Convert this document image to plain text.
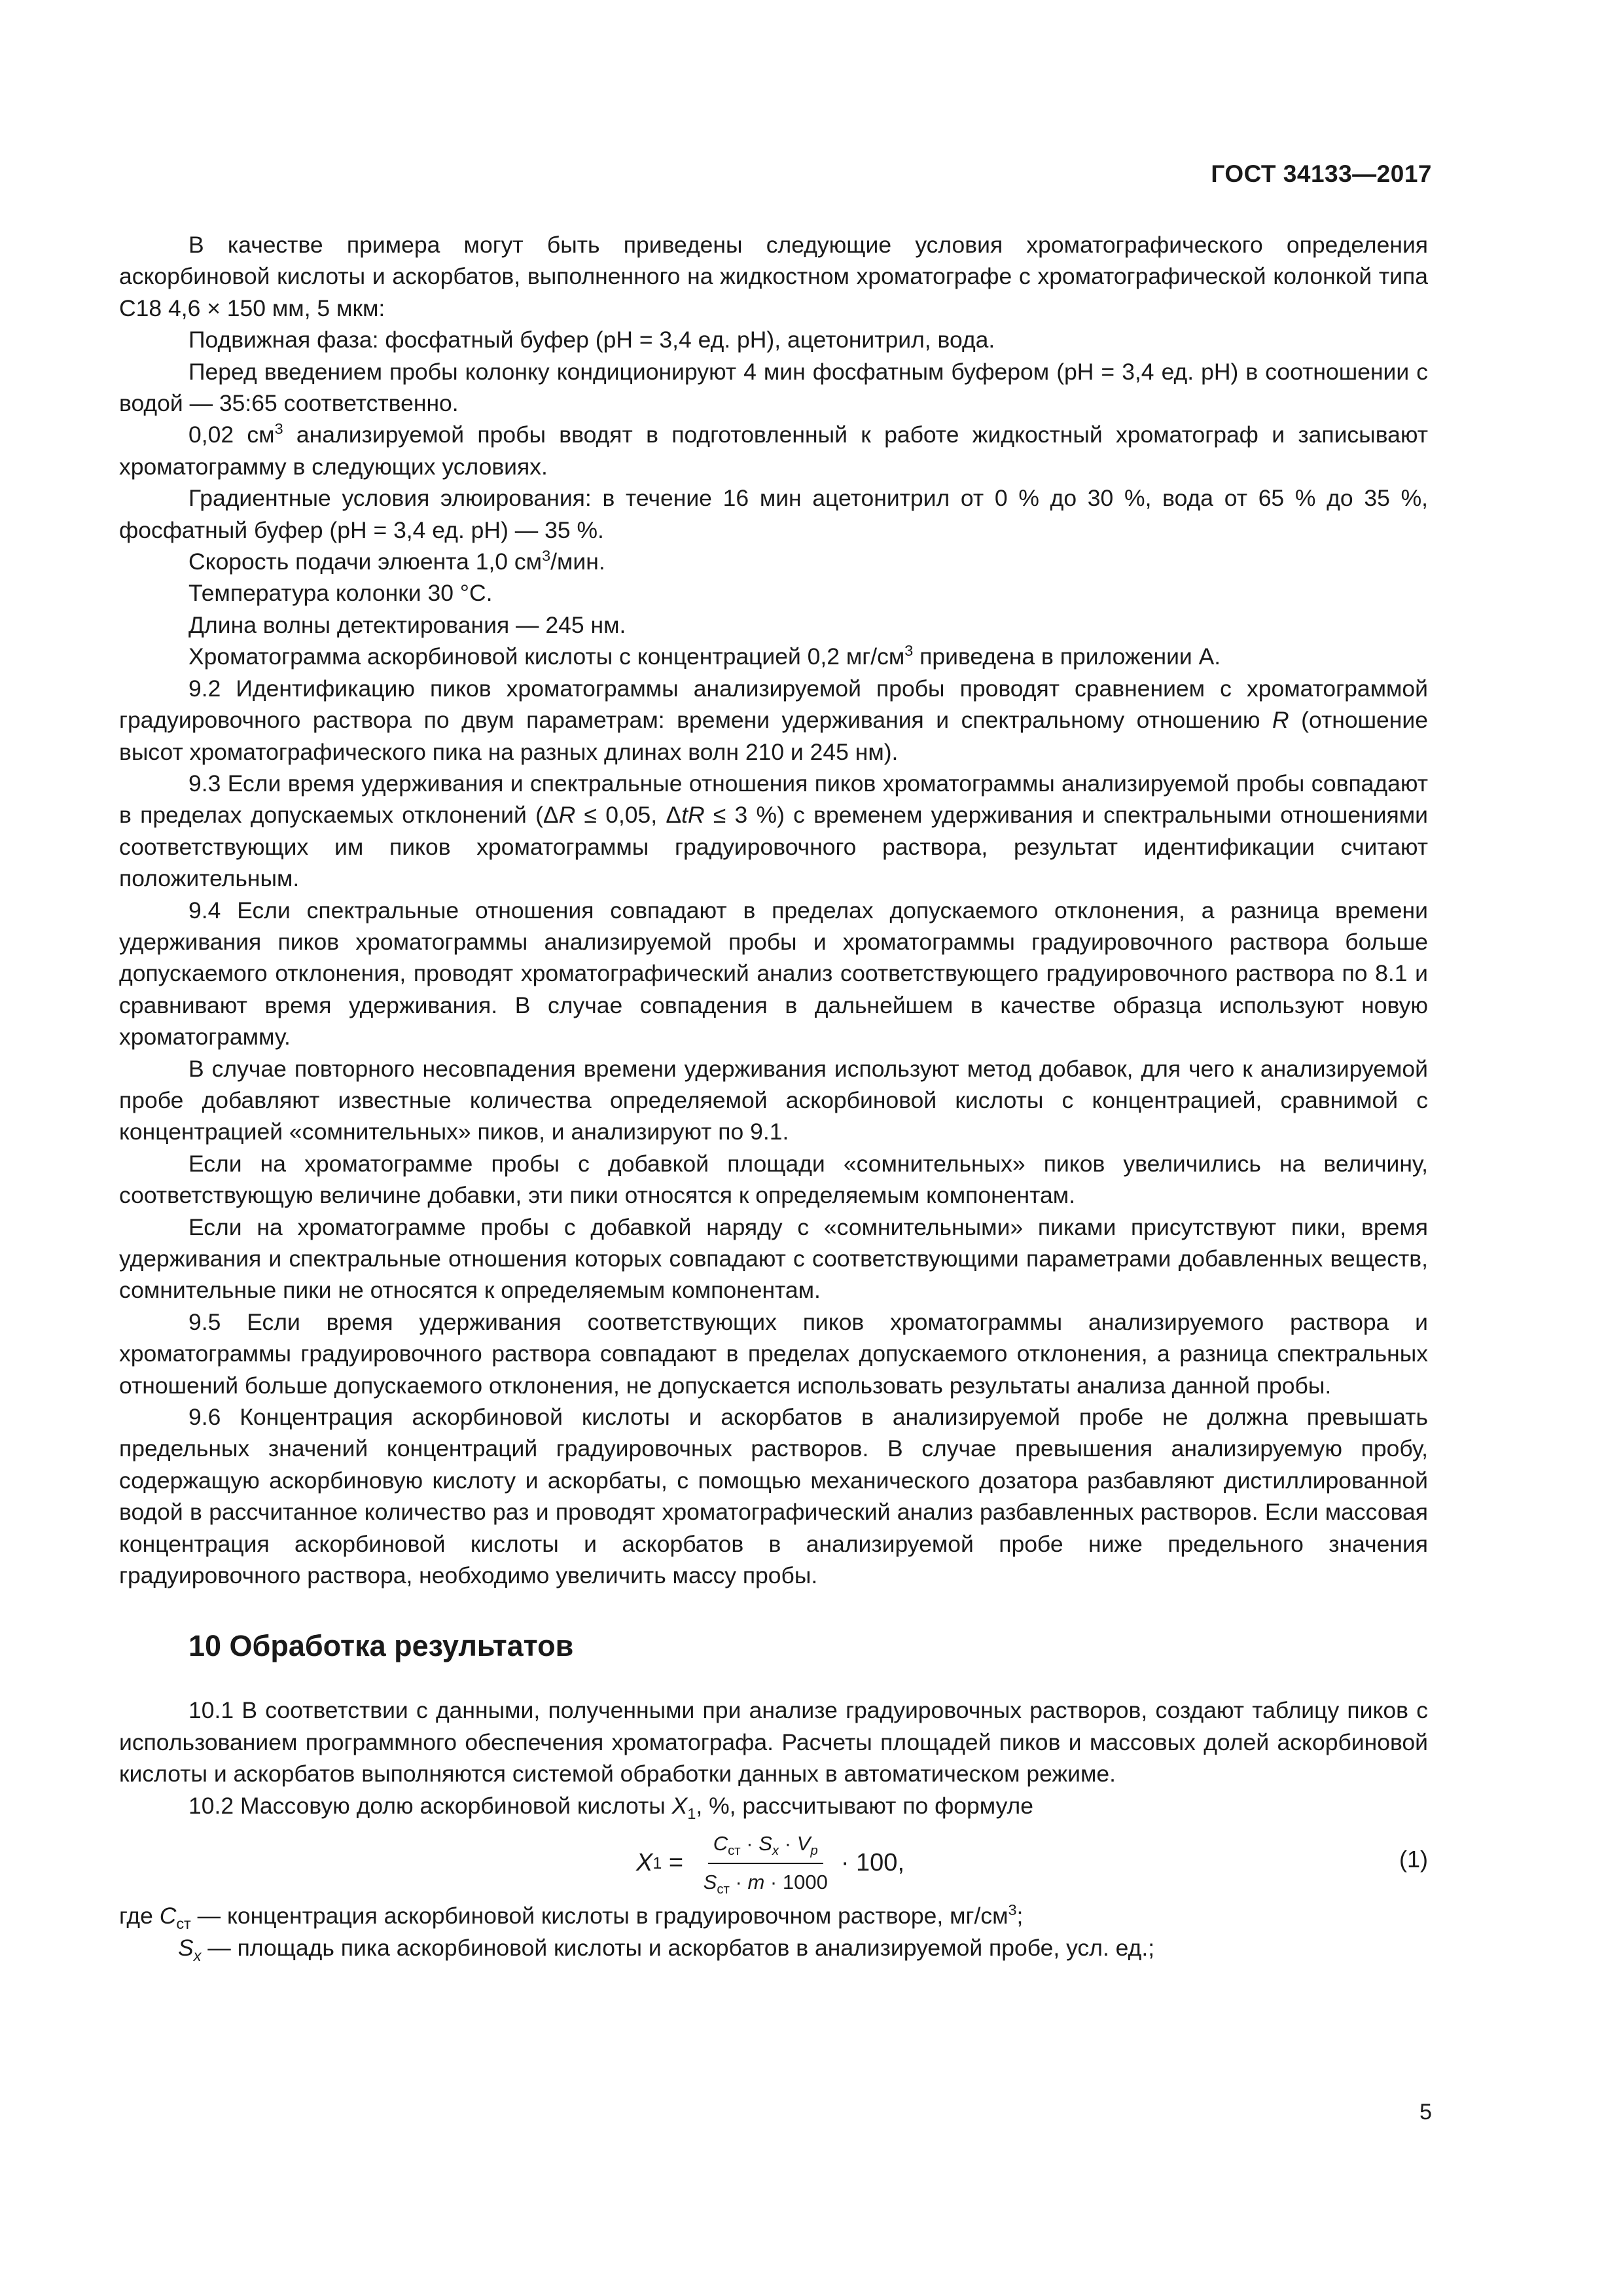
ГОСТ 34133—2017

В качестве примера могут быть приведены следующие условия хроматографического определения аскорбиновой кислоты и аскорбатов, выполненного на жидкостном хроматографе с хроматографической колонкой типа С18 4,6 × 150 мм, 5 мкм:

Подвижная фаза: фосфатный буфер (рН = 3,4 ед. рН), ацетонитрил, вода.

Перед введением пробы колонку кондиционируют 4 мин фосфатным буфером (рН = 3,4 ед. рН) в соотношении с водой — 35:65 соответственно.

0,02 $см^3$ анализируемой пробы вводят в подготовленный к работе жидкостный хроматограф и записывают хроматограмму в следующих условиях.

Градиентные условия элюирования: в течение 16 мин ацетонитрил от 0 % до 30 %, вода от 65 % до 35 %, фосфатный буфер (рН = 3,4 ед. рН) — 35 %.

Скорость подачи элюента 1,0 $см^3$/мин.

Температура колонки 30 °С.

Длина волны детектирования — 245 нм.

Хроматограмма аскорбиновой кислоты с концентрацией 0,2 $мг/см^3$ приведена в приложении А.

9.2 Идентификацию пиков хроматограммы анализируемой пробы проводят сравнением с хроматограммой градуировочного раствора по двум параметрам: времени удерживания и спектральному отношению R (отношение высот хроматографического пика на разных длинах волн 210 и 245 нм).

9.3 Если время удерживания и спектральные отношения пиков хроматограммы анализируемой пробы совпадают в пределах допускаемых отклонений (ΔR ≤ 0,05, ΔtR ≤ 3 %) с временем удерживания и спектральными отношениями соответствующих им пиков хроматограммы градуировочного раствора, результат идентификации считают положительным.

9.4 Если спектральные отношения совпадают в пределах допускаемого отклонения, а разница времени удерживания пиков хроматограммы анализируемой пробы и хроматограммы градуировочного раствора больше допускаемого отклонения, проводят хроматографический анализ соответствующего градуировочного раствора по 8.1 и сравнивают время удерживания. В случае совпадения в дальнейшем в качестве образца используют новую хроматограмму.

В случае повторного несовпадения времени удерживания используют метод добавок, для чего к анализируемой пробе добавляют известные количества определяемой аскорбиновой кислоты с концентрацией, сравнимой с концентрацией «сомнительных» пиков, и анализируют по 9.1.

Если на хроматограмме пробы с добавкой площади «сомнительных» пиков увеличились на величину, соответствующую величине добавки, эти пики относятся к определяемым компонентам.

Если на хроматограмме пробы с добавкой наряду с «сомнительными» пиками присутствуют пики, время удерживания и спектральные отношения которых совпадают с соответствующими параметрами добавленных веществ, сомнительные пики не относятся к определяемым компонентам.

9.5 Если время удерживания соответствующих пиков хроматограммы анализируемого раствора и хроматограммы градуировочного раствора совпадают в пределах допускаемого отклонения, а разница спектральных отношений больше допускаемого отклонения, не допускается использовать результаты анализа данной пробы.

9.6 Концентрация аскорбиновой кислоты и аскорбатов в анализируемой пробе не должна превышать предельных значений концентраций градуировочных растворов. В случае превышения анализируемую пробу, содержащую аскорбиновую кислоту и аскорбаты, с помощью механического дозатора разбавляют дистиллированной водой в рассчитанное количество раз и проводят хроматографический анализ разбавленных растворов. Если массовая концентрация аскорбиновой кислоты и аскорбатов в анализируемой пробе ниже предельного значения градуировочного раствора, необходимо увеличить массу пробы.

10 Обработка результатов

10.1 В соответствии с данными, полученными при анализе градуировочных растворов, создают таблицу пиков с использованием программного обеспечения хроматографа. Расчеты площадей пиков и массовых долей аскорбиновой кислоты и аскорбатов выполняются системой обработки данных в автоматическом режиме.

10.2 Массовую долю аскорбиновой кислоты $X_1$, %, рассчитывают по формуле

X $1 = \frac{C_{ст} \cdot S_x \cdot V_p}{S_{ст} \cdot m \cdot 1000} \cdot 100$,	(1)

где $C_{ст}$ — концентрация аскорбиновой кислоты в градуировочном растворе, $мг/см^3$;

$S_x$ — площадь пика аскорбиновой кислоты и аскорбатов в анализируемой пробе, усл. ед.;

5
